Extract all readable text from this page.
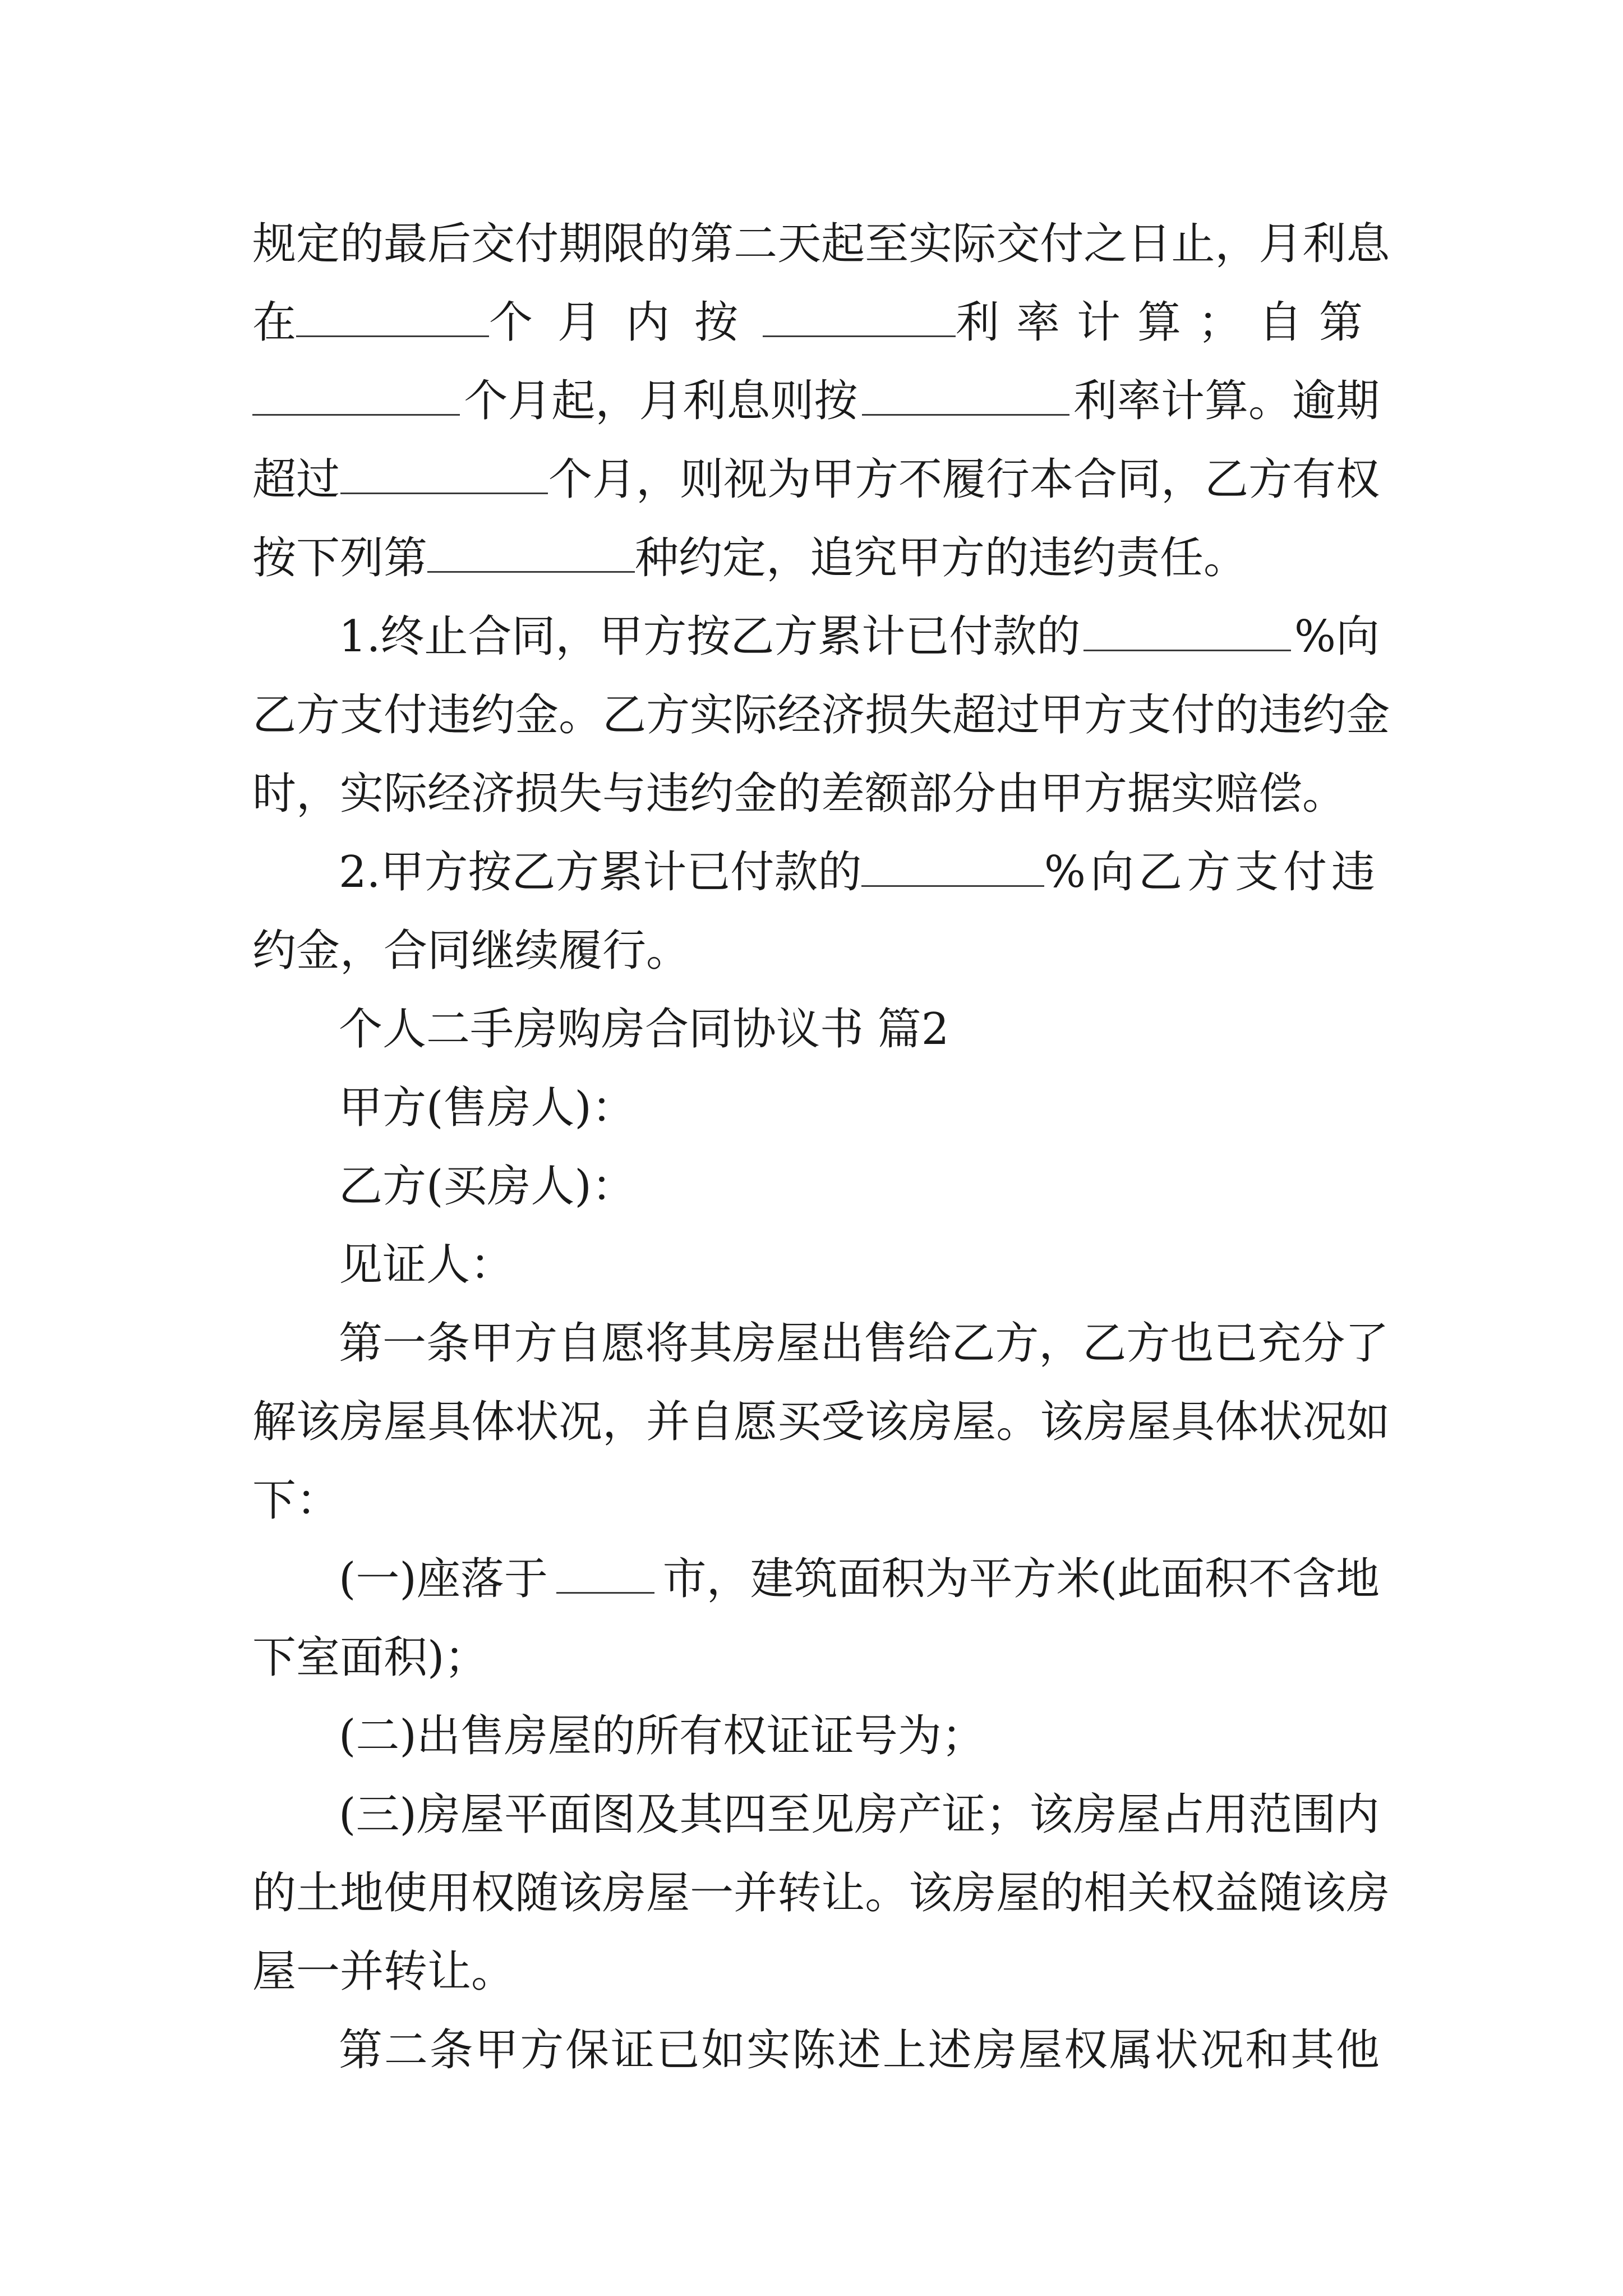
规 定 的 最 后 交 付 期 限 的 第 二 天 起 至 实 际 交 付 之 日 止 ， 月 利 息
在	个月内按	利率计算；自第
个月起，月利息则按	利率计算。逾期
超过	个月，则视为甲方不履行本合同，乙方有权
按下列第	种约定，追究甲方的违约责任。
1.终止合同，甲方按乙方累计已付款的	%向
乙 方 支 付 违 约 金 。 乙 方 实 际 经 济 损 失 超 过 甲 方 支 付 的 违 约 金
时，实际经济损失与违约金的差额部分由甲方据实赔偿。
2.甲方按乙方累计已付款的	%向乙方支付违
约金，合同继续履行。
个人二手房购房合同协议书 篇2
甲方(售房人)：
乙方(买房人)：
见证人：
第 一 条 甲 方 自 愿 将 其 房 屋 出 售 给 乙 方 ， 乙 方 也 已 充 分 了
解 该 房 屋 具 体 状 况 ， 并 自 愿 买 受 该 房 屋 。 该 房 屋 具 体 状 况 如
下：
(一)座落于	市，建筑面积为平方米(此面积不含地
下室面积)；
(二)出售房屋的所有权证证号为；
( 三 ) 房 屋 平 面 图 及 其 四 至 见 房 产 证 ； 该 房 屋 占 用 范 围 内
的 土 地 使 用 权 随 该 房 屋 一 并 转 让 。 该 房 屋 的 相 关 权 益 随 该 房
屋一并转让。
第 二 条 甲 方 保 证 已 如 实 陈 述 上 述 房 屋 权 属 状 况 和 其 他
